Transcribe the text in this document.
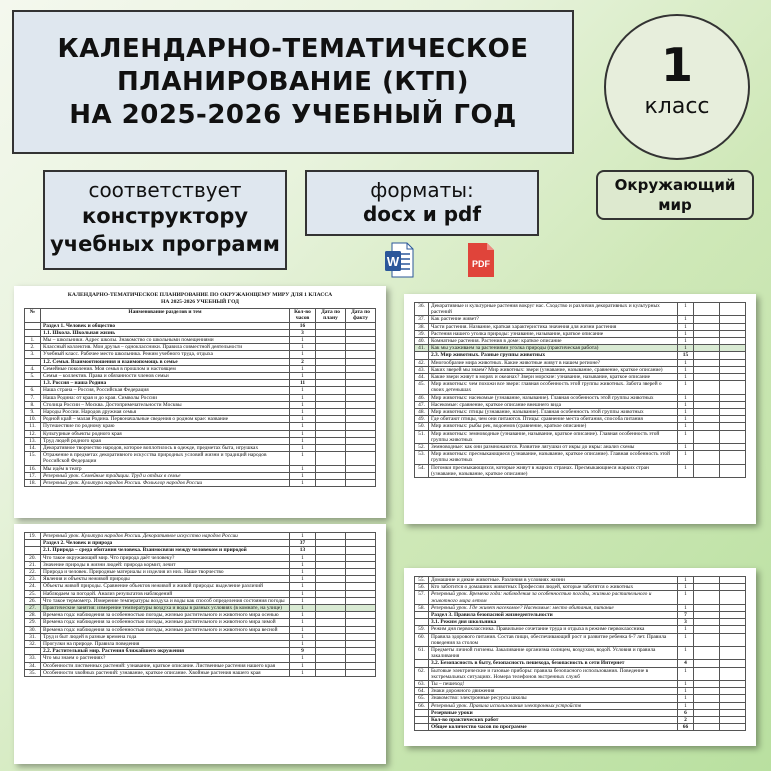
КАЛЕНДАРНО-ТЕМАТИЧЕСКОЕ
ПЛАНИРОВАНИЕ (КТП)
НА 2025-2026 УЧЕБНЫЙ ГОД
1
класс
соответствует
конструктору
учебных программ
форматы:
docx и pdf
Окружающий
мир
W	PDF
КАЛЕНДАРНО-ТЕМАТИЧЕСКОЕ ПЛАНИРОВАНИЕ ПО ОКРУЖАЮЩЕМУ МИРУ ДЛЯ 1 КЛАССА
НА 2025-2026 УЧЕБНЫЙ ГОД
№	Наименование разделов и тем	Кол-во часов	Дата по плану	Дата по факту
	Раздел 1. Человек и общество	16		
	1.1. Школа. Школьная жизнь	3		
1.	Мы – школьники. Адрес школы. Знакомство со школьными помещениями	1		
2.	Классный коллектив. Мои друзья – одноклассники. Правила совместной деятельности	1		
3.	Учебный класс. Рабочее место школьника. Режим учебного труда, отдыха	1		
	1.2. Семья. Взаимоотношения и взаимопомощь в семье	2		
4.	Семейные поколения. Моя семья в прошлом и настоящем	1		
5.	Семья – коллектив. Права и обязанности членов семьи	1		
	1.3. Россия – наша Родина	11		
6.	Наша страна – Россия, Российская Федерация	1		
7.	Наша Родина: от края и до края. Символы России	1		
8.	Столица России – Москва. Достопримечательности Москвы	1		
9.	Народы России. Народов дружная семья	1		
10.	Родной край – малая Родина. Первоначальные сведения о родном крае: название	1		
11.	Путешествие по родному краю	1		
12.	Культурные объекты родного края	1		
13.	Труд людей родного края	1		
14.	Декоративное творчество народов, которое воплотилось в одежде, предметах быта, игрушках	1		
15.	Отражение в предметах декоративного искусства природных условий жизни и традиций народов Российской Федерации	1		
16.	Мы идём в театр	1		
17.	Резервный урок. Семейные традиции. Труд и отдых в семье	1		
18.	Резервный урок. Культура народов России. Фольклор народов России	1		
36.	Декоративные и культурные растения вокруг нас. Сходство и различия декоративных и культурных растений	1		
37.	Как растение живет?	1		
38.	Части растения. Название, краткая характеристика значения для жизни растения	1		
39.	Растения нашего уголка природы: узнавание, называние, краткое описание	1		
40.	Комнатные растения. Растения в доме: краткое описание	1		
41.	Как мы ухаживаем за растениями уголка природы (практическая работа)	1		
	2.3. Мир животных. Разные группы животных	15		
42.	Многообразие мира животных. Какие животные живут в нашем регионе?	1		
43.	Каких зверей мы знаем? Мир животных: звери (узнавание, называние, сравнение, краткое описание)	1		
44.	Какие звери живут в морях и океанах? Звери морские: узнавание, называние, краткое описание	1		
45.	Мир животных: чем похожи все звери: главная особенность этой группы животных. Забота зверей о своих детенышах	1		
46.	Мир животных: насекомые (узнавание, называние). Главная особенность этой группы животных	1		
47.	Насекомые: сравнение, краткое описание внешнего вида	1		
48.	Мир животных: птицы (узнавание, называние). Главная особенность этой группы животных	1		
49.	Где обитают птицы, чем они питаются. Птицы: сравнение места обитания, способа питания	1		
50.	Мир животных: рыбы рек, водоемов (сравнение, краткое описание)	1		
51.	Мир животных: земноводные (узнавание, называние, краткое описание). Главная особенность этой группы животных	1		
52.	Земноводные: как они размножаются. Развитие лягушки от икры до икры: анализ схемы	1		
53.	Мир животных: пресмыкающиеся (узнавание, называние, краткое описание). Главная особенность этой группы животных	1		
54.	Потомки пресмыкающихся, которые живут в жарких странах. Пресмыкающиеся жарких стран (узнавание, называние, краткое описание)	1		
19.	Резервный урок. Культура народов России. Декоративное искусство народов России	1		
	Раздел 2. Человек и природа	37		
	2.1. Природа – среда обитания человека. Взаимосвязи между человеком и природой	13		
20.	Что такое окружающий мир. Что природа даёт человеку?	1		
21.	Значение природы в жизни людей: природа кормит, лечит	1		
22.	Природа и человек. Природные материалы и изделия из них. Наше творчество	1		
23.	Явления и объекты неживой природы	1		
24.	Объекты живой природы. Сравнение объектов неживой и живой природы: выделение различий	1		
25.	Наблюдаем за погодой. Анализ результатов наблюдений	1		
26.	Что такое термометр. Измерение температуры воздуха и воды как способ определения состояния погоды	1		
27.	Практические занятия: измерение температуры воздуха и воды в разных условиях (в комнате, на улице)	1		
28.	Времена года: наблюдения за особенностью погоды, жизнью растительного и животного мира осенью	1		
29.	Времена года: наблюдения за особенностью погоды, жизнью растительного и животного мира зимой	1		
30.	Времена года: наблюдения за особенностью погоды, жизнью растительного и животного мира весной	1		
31.	Труд и быт людей в разные времена года	1		
32.	Прогулки на природе. Правила поведения	1		
	2.2. Растительный мир. Растения ближайшего окружения	9		
33.	Что мы знаем о растениях?	1		
34.	Особенности лиственных растений: узнавание, краткое описание. Лиственные растения нашего края	1		
35.	Особенности хвойных растений: узнавание, краткое описание. Хвойные растения нашего края	1		
55.	Домашние и дикие животные. Различия в условиях жизни	1		
56.	Кто заботится о домашних животных Профессии людей, которые заботятся о животных	1		
57.	Резервный урок. Времена года: наблюдения за особенностью погоды, жизнью растительного и животного мира летом	1		
58.	Резервный урок. Где живет насекомое? Насекомые: место обитания, питание	1		
	Раздел 3. Правила безопасной жизнедеятельности	7		
	3.1. Режим дня школьника	3		
59.	Режим дня первоклассника. Правильное сочетание труда и отдыха в режиме первоклассника	1		
60.	Правила здорового питания. Состав пищи, обеспечивающий рост и развитие ребенка 6-7 лет. Правила поведения за столом	1		
61.	Предметы личной гигиены. Закаливание организма солнцем, воздухом, водой. Условия и правила закаливания	1		
	3.2. Безопасность в быту, безопасность пешехода, безопасность в сети Интернет	4		
62.	Бытовые электрические и газовые приборы: правила безопасного использования. Поведение в экстремальных ситуациях. Номера телефонов экстренных служб	1		
63.	Ты – пешеход!	1		
64.	Знаки дорожного движения	1		
65.	Знакомство: электронные ресурсы школы	1		
66.	Резервный урок. Правила использования электронных устройств	1		
	Резервные уроки	6		
	Кол-во практических работ	2		
	Общее количество часов по программе	66		
